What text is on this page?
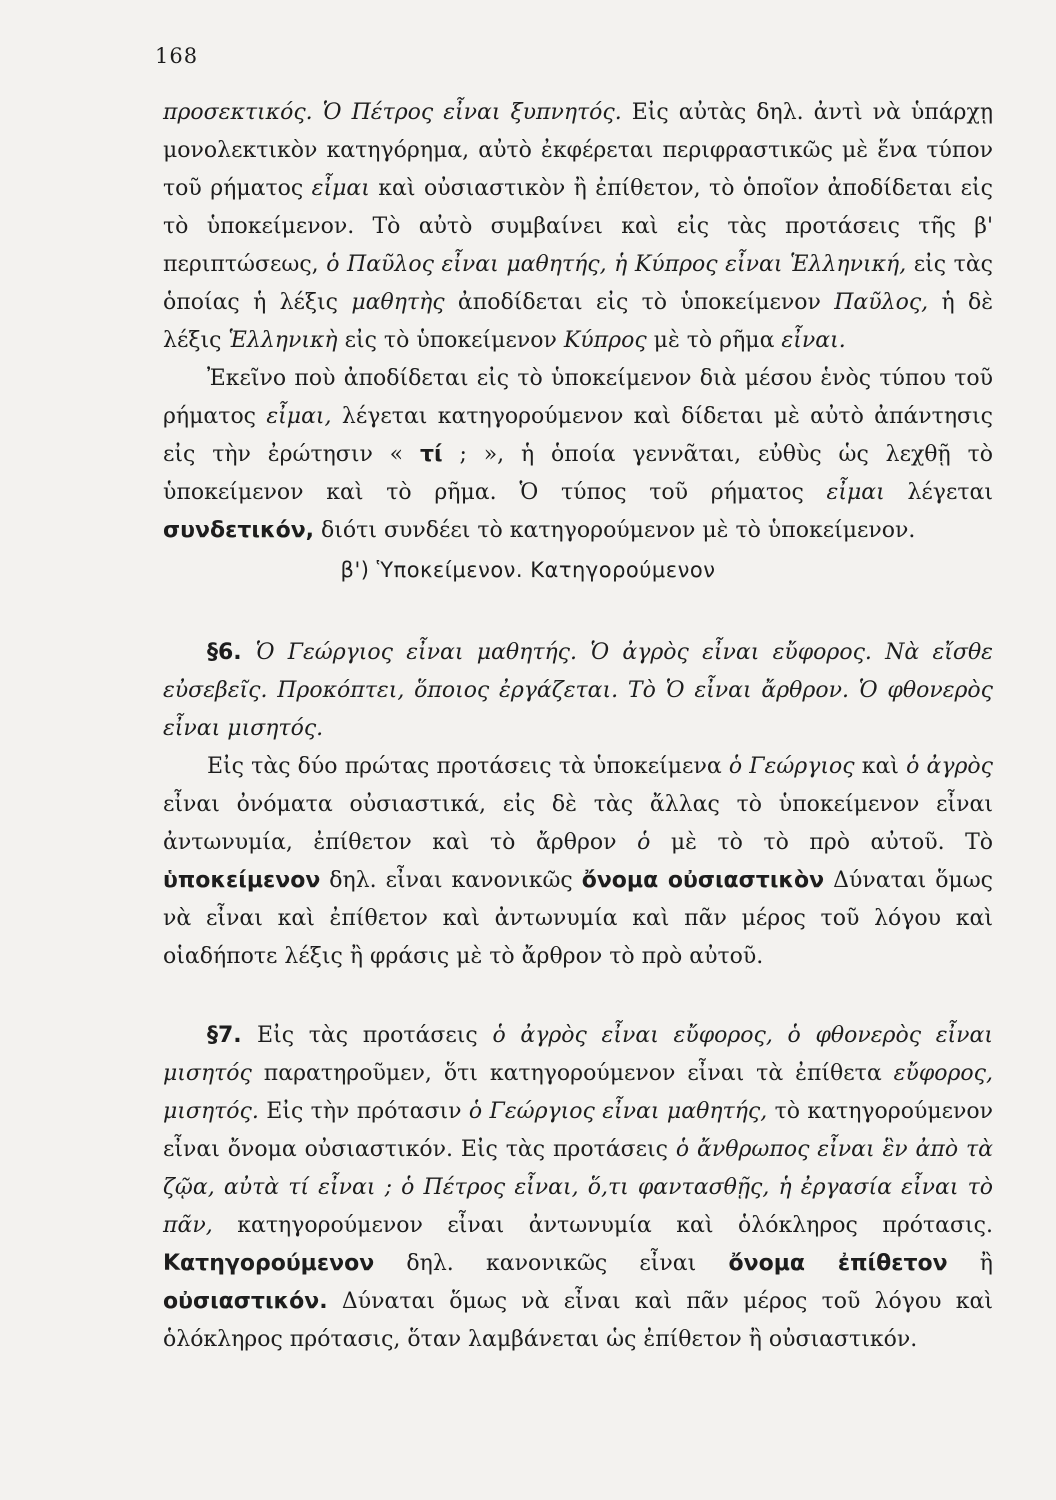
168

προσεκτικός. Ὁ Πέτρος εἶναι ξυπνητός. Εἰς αὐτὰς δηλ. ἀντὶ νὰ ὑπάρχῃ μονολεκτικὸν κατηγόρημα, αὐτὸ ἐκφέρεται περιφραστικῶς μὲ ἕνα τύπον τοῦ ρήματος εἶμαι καὶ οὐσιαστικὸν ἢ ἐπίθετον, τὸ ὁποῖον ἀποδίδεται εἰς τὸ ὑποκείμενον. Τὸ αὐτὸ συμβαίνει καὶ εἰς τὰς προτάσεις τῆς β' περιπτώσεως, ὁ Παῦλος εἶναι μαθητής, ἡ Κύπρος εἶναι Ἑλληνική, εἰς τὰς ὁποίας ἡ λέξις μαθητὴς ἀποδίδεται εἰς τὸ ὑποκείμενον Παῦλος, ἡ δὲ λέξις Ἑλληνικὴ εἰς τὸ ὑποκείμενον Κύπρος μὲ τὸ ρῆμα εἶναι.

Ἐκεῖνο ποὺ ἀποδίδεται εἰς τὸ ὑποκείμενον διὰ μέσου ἑνὸς τύπου τοῦ ρήματος εἶμαι, λέγεται κατηγορούμενον καὶ δίδεται μὲ αὐτὸ ἀπάντησις εἰς τὴν ἐρώτησιν « τί ; », ἡ ὁποία γεννᾶται, εὐθὺς ὡς λεχθῇ τὸ ὑποκείμενον καὶ τὸ ρῆμα. Ὁ τύπος τοῦ ρήματος εἶμαι λέγεται συνδετικόν, διότι συνδέει τὸ κατηγορούμενον μὲ τὸ ὑποκείμενον.

β') Ὑποκείμενον. Κατηγορούμενον

§6. Ὁ Γεώργιος εἶναι μαθητής. Ὁ ἀγρὸς εἶναι εὔφορος. Νὰ εἴσθε εὐσεβεῖς. Προκόπτει, ὅποιος ἐργάζεται. Τὸ Ὁ εἶναι ἄρθρον. Ὁ φθονερὸς εἶναι μισητός.

Εἰς τὰς δύο πρώτας προτάσεις τὰ ὑποκείμενα ὁ Γεώργιος καὶ ὁ ἀγρὸς εἶναι ὀνόματα οὐσιαστικά, εἰς δὲ τὰς ἄλλας τὸ ὑποκείμενον εἶναι ἀντωνυμία, ἐπίθετον καὶ τὸ ἄρθρον ὁ μὲ τὸ τὸ πρὸ αὐτοῦ. Τὸ ὑποκείμενον δηλ. εἶναι κανονικῶς ὄνομα οὐσιαστικὸν Δύναται ὅμως νὰ εἶναι καὶ ἐπίθετον καὶ ἀντωνυμία καὶ πᾶν μέρος τοῦ λόγου καὶ οἱαδήποτε λέξις ἢ φράσις μὲ τὸ ἄρθρον τὸ πρὸ αὐτοῦ.

§7. Εἰς τὰς προτάσεις ὁ ἀγρὸς εἶναι εὔφορος, ὁ φθονερὸς εἶναι μισητός παρατηροῦμεν, ὅτι κατηγορούμενον εἶναι τὰ ἐπίθετα εὔφορος, μισητός. Εἰς τὴν πρότασιν ὁ Γεώργιος εἶναι μαθητής, τὸ κατηγορούμενον εἶναι ὄνομα οὐσιαστικόν. Εἰς τὰς προτάσεις ὁ ἄνθρωπος εἶναι ἓν ἀπὸ τὰ ζῷα, αὐτὰ τί εἶναι ; ὁ Πέτρος εἶναι, ὅ,τι φαντασθῇς, ἡ ἐργασία εἶναι τὸ πᾶν, κατηγορούμενον εἶναι ἀντωνυμία καὶ ὁλόκληρος πρότασις. Κατηγορούμενον δηλ. κανονικῶς εἶναι ὄνομα ἐπίθετον ἢ οὐσιαστικόν. Δύναται ὅμως νὰ εἶναι καὶ πᾶν μέρος τοῦ λόγου καὶ ὁλόκληρος πρότασις, ὅταν λαμβάνεται ὡς ἐπίθετον ἢ οὐσιαστικόν.
